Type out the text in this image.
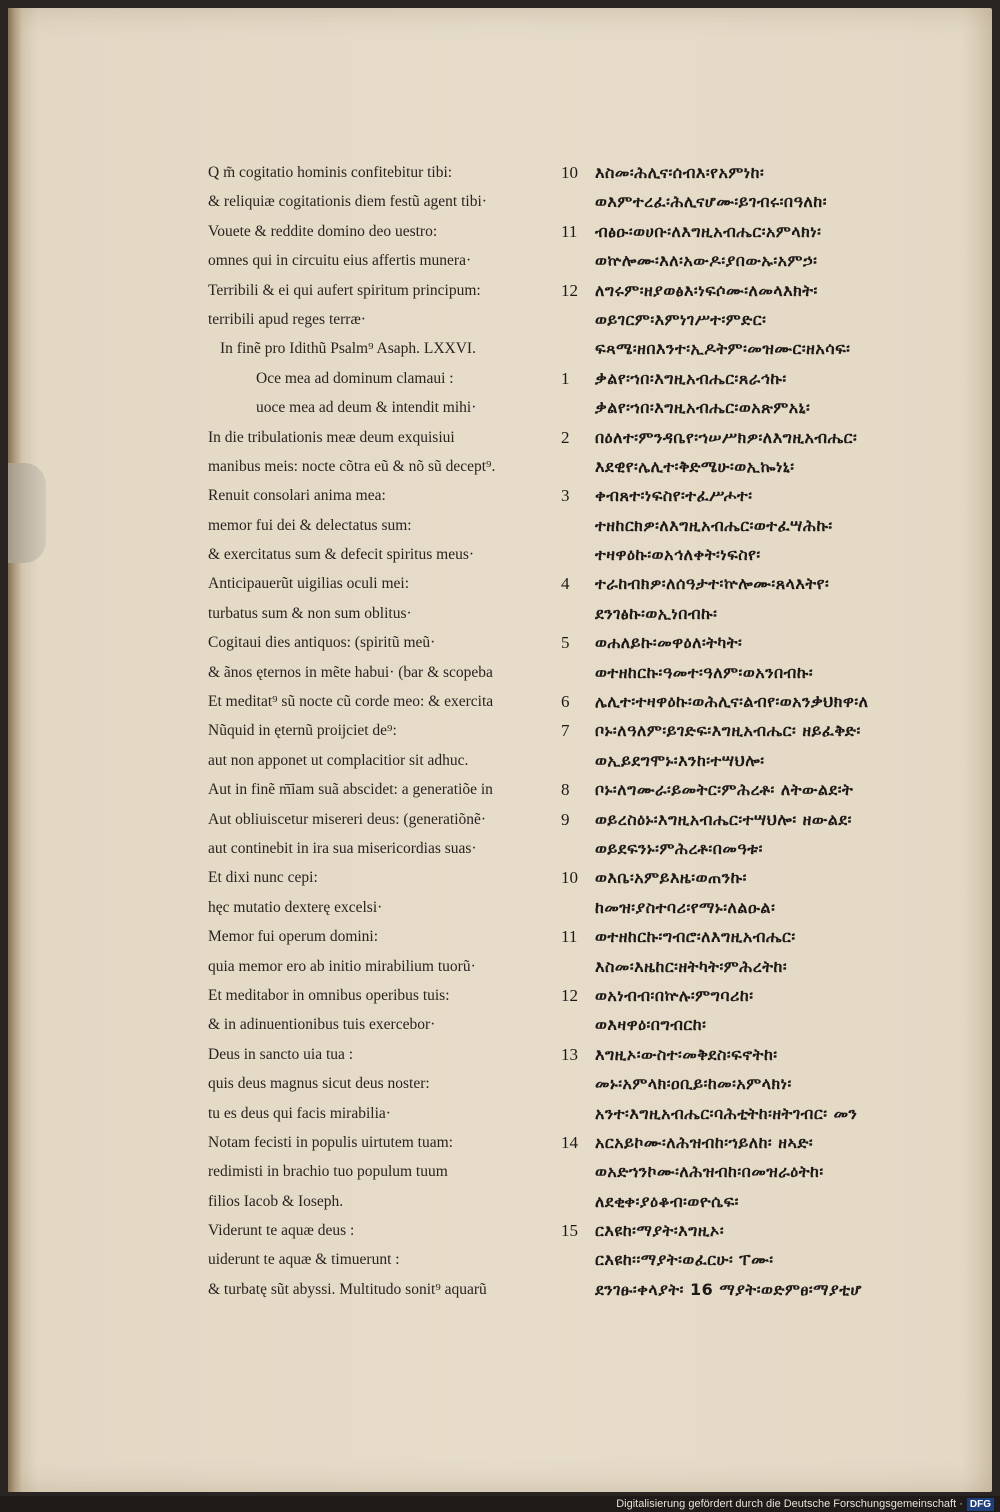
Q m̃ cogitatio hominis confitebitur tibi:
& reliquiæ cogitationis diem festũ agent tibi·
Vouete & reddite domino deo uestro:
omnes qui in circuitu eius affertis munera·
Terribili & ei qui aufert spiritum principum:
terribili apud reges terræ·
In finẽ pro Idithũ Psalm⁹ Asaph. LXXVI.
Oce mea ad dominum clamaui :
uoce mea ad deum & intendit mihi·
In die tribulationis meæ deum exquisiui
manibus meis: nocte cõtra eũ & nõ sũ decept⁹.
Renuit consolari anima mea:
memor fui dei & delectatus sum:
& exercitatus sum & defecit spiritus meus·
Anticipauerũt uigilias oculi mei:
turbatus sum & non sum oblitus·
Cogitaui dies antiquos: (spiritũ meũ·
& ãnos ęternos in mẽte habui· (bar & scopeba
Et meditat⁹ sũ nocte cũ corde meo: & exercita
Nũquid in ęternũ proijciet de⁹:
aut non apponet ut complacitior sit adhuc.
Aut in finẽ m͞iam suã abscidet: a generatiõe in
Aut obliuiscetur misereri deus: (generatiõnẽ·
aut continebit in ira sua misericordias suas·
Et dixi nunc cepi:
hęc mutatio dexterę excelsi·
Memor fui operum domini:
quia memor ero ab initio mirabilium tuorũ·
Et meditabor in omnibus operibus tuis:
& in adinuentionibus tuis exercebor·
Deus in sancto uia tua :
quis deus magnus sicut deus noster:
tu es deus qui facis mirabilia·
Notam fecisti in populis uirtutem tuam:
redimisti in brachio tuo populum tuum
filios Iacob & Ioseph.
Viderunt te aquæ deus :
uiderunt te aquæ & timuerunt :
& turbatę sũt abyssi. Multitudo sonit⁹ aquarũ
10 እስመ፡ሕሊና፡ሰብእ፡የአምነከ፡
ወእምተረፈ፡ሕሊናሆሙ፡ይገብሩ፡በዓለከ፡
11 ብፅዑ፡ወሀቡ፡ለእግዚአብሔር፡አምላክነ፡
ወኵሎሙ፡እለ፡አውዶ፡ያበውኡ፡አምኃ፡
12 ለግሩም፡ዘያወፅእ፡ነፍሶሙ፡ለመላእክት፡
ወይገርም፡እምነገሥተ፡ምድር፡
ፍጻሜ፡ዘበእንተ፡ኢዶትም፡መዝሙር፡ዘአሳፍ፡
1 ቃልየ፡ኀበ፡እግዚአብሔር፡ጸራኅኩ፡
ቃልየ፡ኀበ፡እግዚአብሔር፡ወአጽምአኒ፡
2 በዕለተ፡ምንዳቤየ፡ኀሠሥክዎ፡ለእግዚአብሔር፡
እደዊየ፡ሌሊተ፡ቅድሜሁ፡ወኢኰነኒ፡
3 ቀብጸተ፡ነፍስየ፡ተፈሥሖተ፡
ተዘከርክዎ፡ለእግዚአብሔር፡ወተፈሣሕኩ፡
ተዛዋዕኩ፡ወአኅለቀት፡ነፍስየ፡
4 ተራከብክዎ፡ለሰዓታተ፡ኵሎሙ፡ጸላእትየ፡
ደንገፅኩ፡ወኢነበብኩ፡
5 ወሐለይኩ፡መዋዕለ፡ትካት፡
ወተዘከርኩ፡ዓመተ፡ዓለም፡ወአንበብኩ፡
6 ሌሊተ፡ተዛዋዕኩ፡ወሕሊና፡ልብየ፡ወአንቃህክዋ፡ለ
7 ቦኑ፡ለዓለም፡ይገድፍ፡እግዚአብሔር፡ ዘይፈቅድ፡
ወኢይደግሞኑ፡እንከ፡ተሣህሎ፡
8 ቦኑ፡ለግሙራ፡ይመትር፡ምሕረቶ፡ ለትውልደ፡ት
9 ወይረስዕኑ፡እግዚአብሔር፡ተሣህሎ፡ ዘውልደ፡
ወይደፍንኑ፡ምሕረቶ፡በመዓቱ፡
10 ወእቤ፡አምይእዜ፡ወጠንኩ፡
ከመዝ፡ያስተባሪ፡የማኑ፡ለልዑል፡
11 ወተዘከርኩ፡ግብሮ፡ለእግዚአብሔር፡
እስመ፡እዜከር፡ዘትካት፡ምሕረትከ፡
12 ወአነብብ፡በኵሉ፡ምግባሪከ፡
ወእዛዋዕ፡በግብርከ፡
13 እግዚኦ፡ውስተ፡መቅደስ፡ፍኖትከ፡
መኑ፡አምላክ፡ዐቢይ፡ከመ፡አምላክነ፡
አንተ፡እግዚአብሔር፡ባሕቲትከ፡ዘትገብር፡ መን
14 አርአይኮሙ፡ለሕዝብከ፡ኀይለከ፡ ዘኣድ፡
ወአድኀንኮሙ፡ለሕዝብከ፡በመዝራዕትከ፡
ለደቂቀ፡ያዕቆብ፡ወዮሴፍ፡
15 ርእዩከ፡ማያት፡እግዚኦ፡
ርእዩከ፡፡ማያት፡ወፈርሁ፡ ፐሙ፡
ደንገፁ፡ቀላያት፡ 16 ማያት፡ወድምፀ፡ማያቲሆ
Digitalisierung gefördert durch die Deutsche Forschungsgemeinschaft · DFG
